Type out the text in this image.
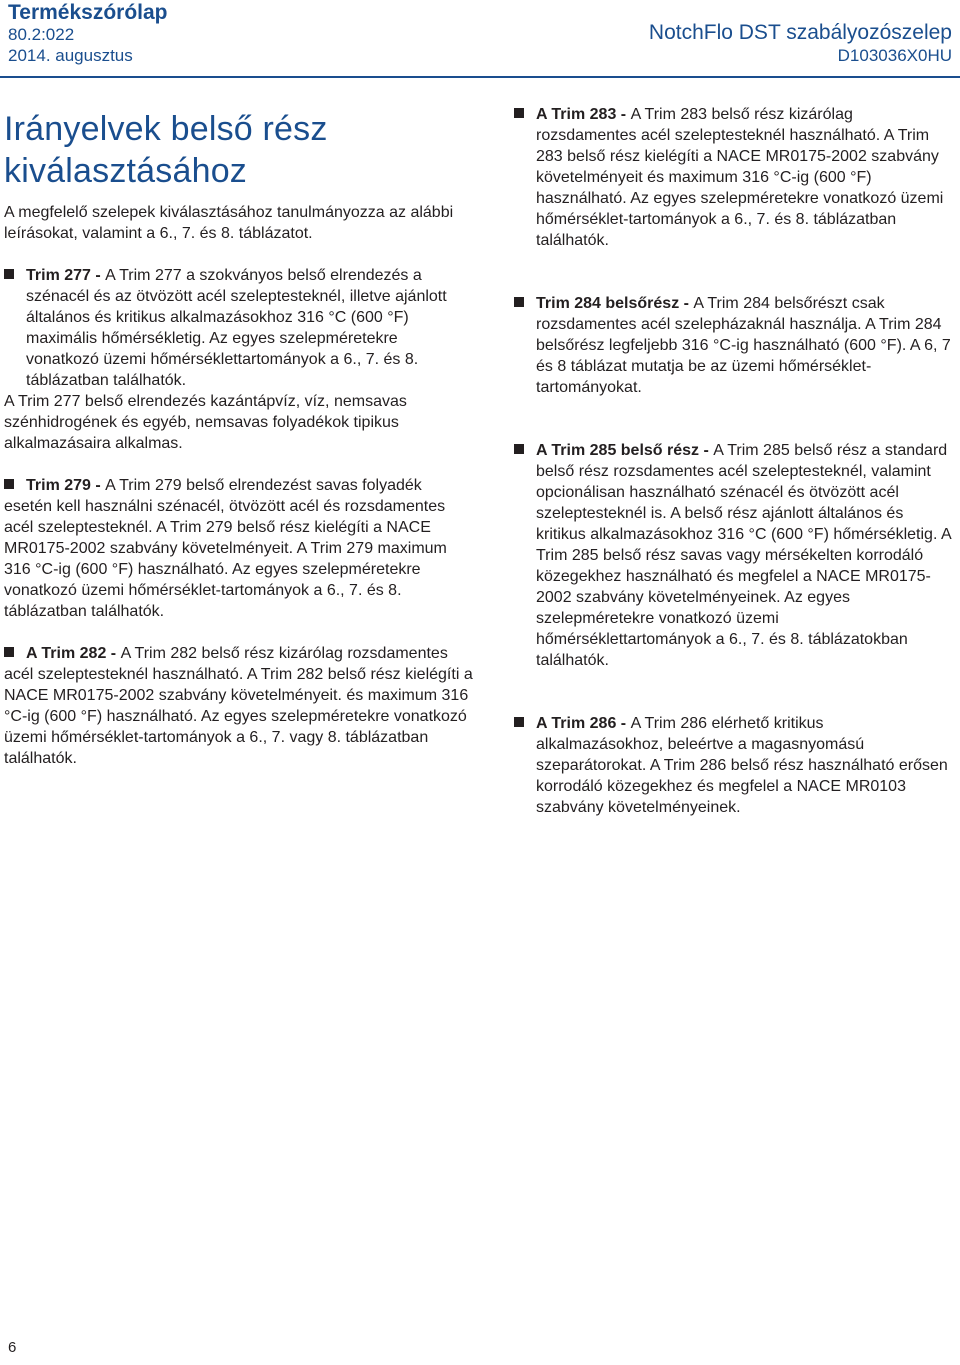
Termékszórólap
80.2:022
2014. augusztus
NotchFlo DST szabályozószelep
D103036X0HU
Irányelvek belső rész kiválasztásához

A megfelelő szelepek kiválasztásához tanulmányozza az alábbi leírásokat, valamint a 6., 7. és 8. táblázatot.

Trim 277 - A Trim 277 a szokványos belső elrendezés a szénacél és az ötvözött acél szeleptesteknél, illetve ajánlott általános és kritikus alkalmazásokhoz 316 °C (600 °F) maximális hőmérsékletig. Az egyes szelepméretekre vonatkozó üzemi hőmérséklettartományok a 6., 7. és 8. táblázatban találhatók.

A Trim 277 belső elrendezés kazántápvíz, víz, nemsavas szénhidrogének és egyéb, nemsavas folyadékok tipikus alkalmazásaira alkalmas.

Trim 279 - A Trim 279 belső elrendezést savas folyadék esetén kell használni szénacél, ötvözött acél és rozsdamentes acél szeleptesteknél. A Trim 279 belső rész kielégíti a NACE MR0175-2002 szabvány követelményeit. A Trim 279 maximum 316 °C-ig (600 °F) használható. Az egyes szelepméretekre vonatkozó üzemi hőmérséklet-tartományok a 6., 7. és 8. táblázatban találhatók.

A Trim 282 - A Trim 282 belső rész kizárólag rozsdamentes acél szeleptesteknél használható. A Trim 282 belső rész kielégíti a NACE MR0175-2002 szabvány követelményeit. és maximum 316 °C-ig (600 °F) használható. Az egyes szelepméretekre vonatkozó üzemi hőmérséklet-tartományok a 6., 7. vagy 8. táblázatban találhatók.

A Trim 283 - A Trim 283 belső rész kizárólag rozsdamentes acél szeleptesteknél használható. A Trim 283 belső rész kielégíti a NACE MR0175-2002 szabvány követelményeit és maximum 316 °C-ig (600 °F) használható. Az egyes szelepméretekre vonatkozó üzemi hőmérséklet-tartományok a 6., 7. és 8. táblázatban találhatók.

Trim 284 belsőrész - A Trim 284 belsőrészt csak rozsdamentes acél szelepházaknál használja. A Trim 284 belsőrész legfeljebb 316 °C-ig használható (600 °F). A 6, 7 és 8 táblázat mutatja be az üzemi hőmérséklet-tartományokat.

A Trim 285 belső rész - A Trim 285 belső rész a standard belső rész rozsdamentes acél szeleptesteknél, valamint opcionálisan használható szénacél és ötvözött acél szeleptesteknél is. A belső rész ajánlott általános és kritikus alkalmazásokhoz 316 °C (600 °F) hőmérsékletig. A Trim 285 belső rész savas vagy mérsékelten korrodáló közegekhez használható és megfelel a NACE MR0175-2002 szabvány követelményeinek. Az egyes szelepméretekre vonatkozó üzemi hőmérséklettartományok a 6., 7. és 8. táblázatokban találhatók.

A Trim 286 - A Trim 286 elérhető kritikus alkalmazásokhoz, beleértve a magasnyomású szeparátorokat. A Trim 286 belső rész használható erősen korrodáló közegekhez és megfelel a NACE MR0103 szabvány követelményeinek.

6
